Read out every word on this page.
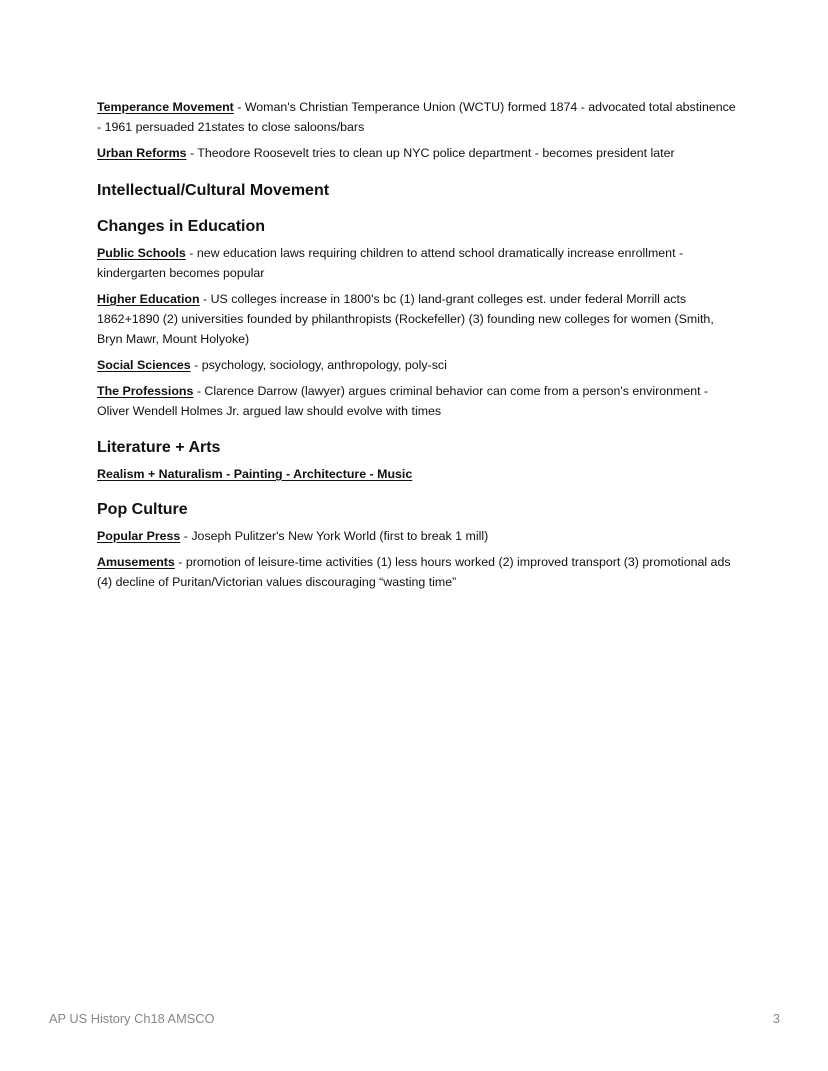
Temperance Movement - Woman's Christian Temperance Union (WCTU) formed 1874 - advocated total abstinence - 1961 persuaded 21states to close saloons/bars

Urban Reforms - Theodore Roosevelt tries to clean up NYC police department - becomes president later

Intellectual/Cultural Movement
Changes in Education

Public Schools - new education laws requiring children to attend school dramatically increase enrollment - kindergarten becomes popular

Higher Education - US colleges increase in 1800's bc (1) land-grant colleges est. under federal Morrill acts 1862+1890 (2) universities founded by philanthropists (Rockefeller) (3) founding new colleges for women (Smith, Bryn Mawr, Mount Holyoke)

Social Sciences - psychology, sociology, anthropology, poly-sci

The Professions - Clarence Darrow (lawyer) argues criminal behavior can come from a person's environment - Oliver Wendell Holmes Jr. argued law should evolve with times

Literature + Arts

Realism + Naturalism - Painting - Architecture - Music

Pop Culture

Popular Press - Joseph Pulitzer's New York World (first to break 1 mill)

Amusements - promotion of leisure-time activities (1) less hours worked (2) improved transport (3) promotional ads (4) decline of Puritan/Victorian values discouraging “wasting time”

AP US History Ch18 AMSCO	3
